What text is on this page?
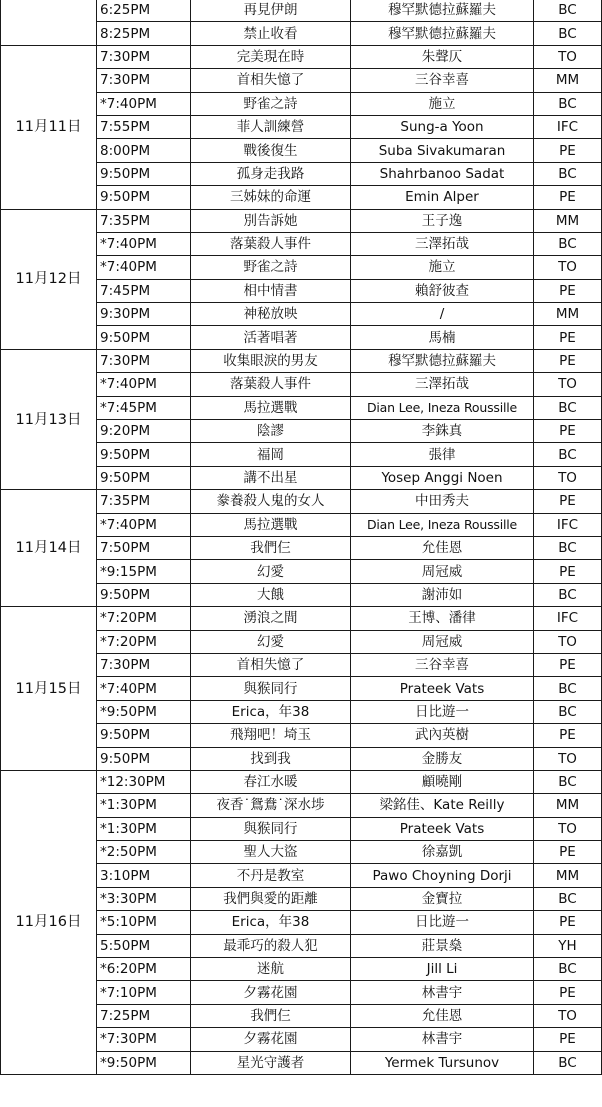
	6:25PM	再見伊朗	穆罕默德拉蘇羅夫	BC
	8:25PM	禁止收看	穆罕默德拉蘇羅夫	BC
11月11日	7:30PM	完美現在時	朱聲仄	TO
	7:30PM	首相失憶了	三谷幸喜	MM
	*7:40PM	野雀之詩	施立	BC
	7:55PM	菲人訓練營	Sung-a Yoon	IFC
	8:00PM	戰後復生	Suba Sivakumaran	PE
	9:50PM	孤身走我路	Shahrbanoo Sadat	BC
	9:50PM	三姊妹的命運	Emin Alper	PE
11月12日	7:35PM	別告訴她	王子逸	MM
	*7:40PM	落葉殺人事件	三澤拓哉	BC
	*7:40PM	野雀之詩	施立	TO
	7:45PM	相中情書	賴舒彼查	PE
	9:30PM	神秘放映	/	MM
	9:50PM	活著唱著	馬楠	PE
11月13日	7:30PM	收集眼淚的男友	穆罕默德拉蘇羅夫	PE
	*7:40PM	落葉殺人事件	三澤拓哉	TO
	*7:45PM	馬拉選戰	Dian Lee, Ineza Roussille	BC
	9:20PM	陰謬	李銖真	PE
	9:50PM	福岡	張律	BC
	9:50PM	講不出星	Yosep Anggi Noen	TO
11月14日	7:35PM	豢養殺人鬼的女人	中田秀夫	PE
	*7:40PM	馬拉選戰	Dian Lee, Ineza Roussille	IFC
	7:50PM	我們仨	允佳恩	BC
	*9:15PM	幻愛	周冠威	PE
	9:50PM	大餓	謝沛如	BC
11月15日	*7:20PM	湧浪之間	王博、潘律	IFC
	*7:20PM	幻愛	周冠威	TO
	7:30PM	首相失憶了	三谷幸喜	PE
	*7:40PM	與猴同行	Prateek Vats	BC
	*9:50PM	Erica，年38	日比遊一	BC
	9:50PM	飛翔吧！埼玉	武內英樹	PE
	9:50PM	找到我	金勝友	TO
11月16日	*12:30PM	春江水暖	顧曉剛	BC
	*1:30PM	夜香˙鴛鴦˙深水埗	梁銘佳、Kate Reilly	MM
	*1:30PM	與猴同行	Prateek Vats	TO
	*2:50PM	聖人大盜	徐嘉凱	PE
	3:10PM	不丹是教室	Pawo Choyning Dorji	MM
	*3:30PM	我們與愛的距離	金寶拉	BC
	*5:10PM	Erica，年38	日比遊一	PE
	5:50PM	最乖巧的殺人犯	莊景燊	YH
	*6:20PM	迷航	Jill Li	BC
	*7:10PM	夕霧花園	林書宇	PE
	7:25PM	我們仨	允佳恩	TO
	*7:30PM	夕霧花園	林書宇	PE
	*9:50PM	星光守護者	Yermek Tursunov	BC
